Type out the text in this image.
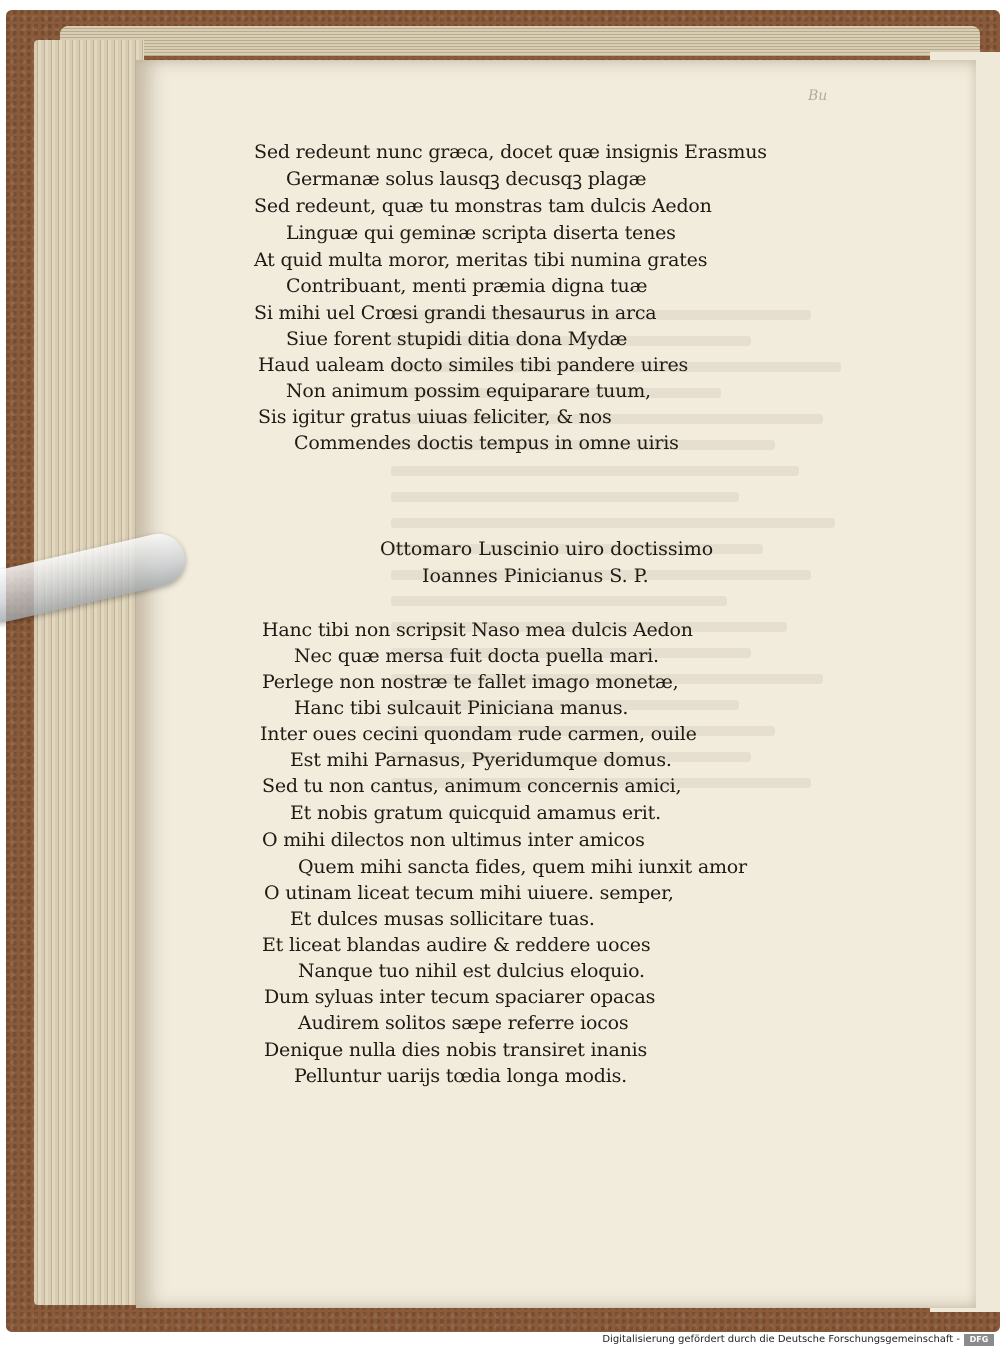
Bu
Sed redeunt nunc græca, docet quæ insignis Erasmus
Germanæ solus lausqꝫ decusqꝫ plagæ
Sed redeunt, quæ tu monstras tam dulcis Aedon
Linguæ qui geminæ scripta diserta tenes
At quid multa moror, meritas tibi numina grates
Contribuant, menti præmia digna tuæ
Si mihi uel Crœsi grandi thesaurus in arca
Siue forent stupidi ditia dona Mydæ
Haud ualeam docto similes tibi pandere uires
Non animum possim equiparare tuum,
Sis igitur gratus uiuas feliciter, & nos
Commendes doctis tempus in omne uiris
Ottomaro Luscinio uiro doctissimo
Ioannes Pinicianus S. P.
Hanc tibi non scripsit Naso mea dulcis Aedon
Nec quæ mersa fuit docta puella mari.
Perlege non nostræ te fallet imago monetæ,
Hanc tibi sulcauit Piniciana manus.
Inter oues cecini quondam rude carmen, ouile
Est mihi Parnasus, Pyeridumque domus.
Sed tu non cantus, animum concernis amici,
Et nobis gratum quicquid amamus erit.
O mihi dilectos non ultimus inter amicos
Quem mihi sancta fides, quem mihi iunxit amor
O utinam liceat tecum mihi uiuere. semper,
Et dulces musas sollicitare tuas.
Et liceat blandas audire & reddere uoces
Nanque tuo nihil est dulcius eloquio.
Dum syluas inter tecum spaciarer opacas
Audirem solitos sæpe referre iocos
Denique nulla dies nobis transiret inanis
Pelluntur uarijs tœdia longa modis.
Digitalisierung gefördert durch die Deutsche Forschungsgemeinschaft -	DFG
